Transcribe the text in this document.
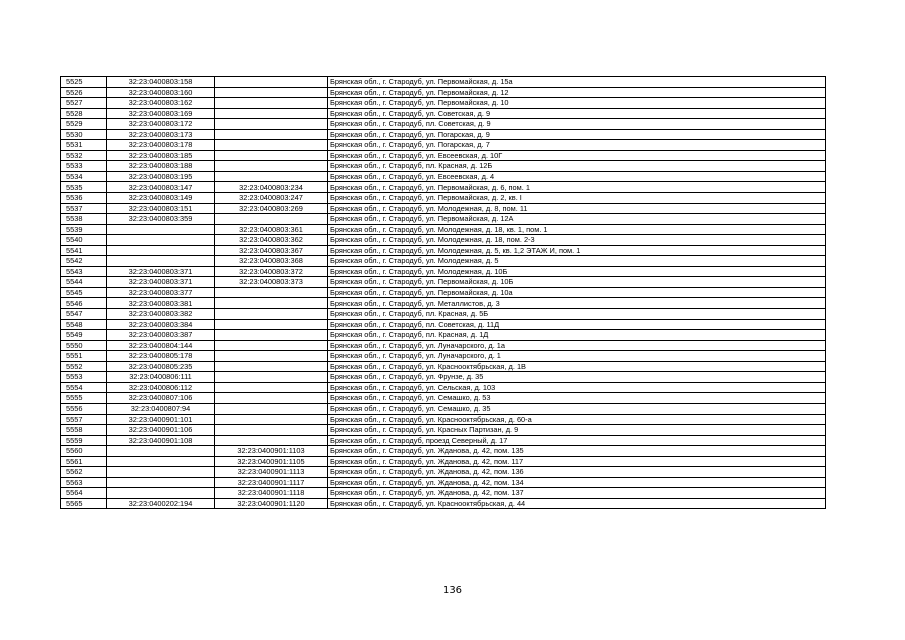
5525	32:23:0400803:158		Брянская обл., г. Стародуб, ул. Первомайская, д. 15а
5526	32:23:0400803:160		Брянская обл., г. Стародуб, ул. Первомайская, д. 12
5527	32:23:0400803:162		Брянская обл., г. Стародуб, ул. Первомайская, д. 10
5528	32:23:0400803:169		Брянская обл., г. Стародуб, ул. Советская, д. 9
5529	32:23:0400803:172		Брянская обл., г. Стародуб, пл. Советская, д. 9
5530	32:23:0400803:173		Брянская обл., г. Стародуб, ул. Погарская, д. 9
5531	32:23:0400803:178		Брянская обл., г. Стародуб, ул. Погарская, д. 7
5532	32:23:0400803:185		Брянская обл., г. Стародуб, ул. Евсеевская, д. 10Г
5533	32:23:0400803:188		Брянская обл., г. Стародуб, пл. Красная, д. 12Б
5534	32:23:0400803:195		Брянская обл., г. Стародуб, ул. Евсеевская, д. 4
5535	32:23:0400803:147	32:23:0400803:234	Брянская обл., г. Стародуб, ул. Первомайская, д. 6, пом. 1
5536	32:23:0400803:149	32:23:0400803:247	Брянская обл., г. Стародуб, ул. Первомайская, д. 2, кв. I
5537	32:23:0400803:151	32:23:0400803:269	Брянская обл., г. Стародуб, ул. Молодежная, д. 8, пом. 11
5538	32:23:0400803:359		Брянская обл., г. Стародуб, ул. Первомайская, д. 12А
5539		32:23:0400803:361	Брянская обл., г. Стародуб, ул. Молодежная, д. 18, кв. 1, пом. 1
5540		32:23:0400803:362	Брянская обл., г. Стародуб, ул. Молодежная, д. 18, пом. 2-3
5541		32:23:0400803:367	Брянская обл., г. Стародуб, ул. Молодежная, д. 5, кв. 1,2 ЭТАЖ И, пом. 1
5542		32:23:0400803:368	Брянская обл., г. Стародуб, ул. Молодежная, д. 5
5543	32:23:0400803:371	32:23:0400803:372	Брянская обл., г. Стародуб, ул. Молодежная, д. 10Б
5544	32:23:0400803:371	32:23:0400803:373	Брянская обл., г. Стародуб, ул. Первомайская, д. 10Б
5545	32:23:0400803:377		Брянская обл., г. Стародуб, ул. Первомайская, д. 10а
5546	32:23:0400803:381		Брянская обл., г. Стародуб, ул. Металлистов, д. 3
5547	32:23:0400803:382		Брянская обл., г. Стародуб, пл. Красная, д. 5Б
5548	32:23:0400803:384		Брянская обл., г. Стародуб, пл. Советская, д. 11Д
5549	32:23:0400803:387		Брянская обл., г. Стародуб, пл. Красная, д. 1Д
5550	32:23:0400804:144		Брянская обл., г. Стародуб, ул. Луначарского, д. 1а
5551	32:23:0400805:178		Брянская обл., г. Стародуб, ул. Луначарского, д. 1
5552	32:23:0400805:235		Брянская обл., г. Стародуб, ул. Краснооктябрьская, д. 1В
5553	32:23:0400806:111		Брянская обл., г. Стародуб, ул. Фрунзе, д. 35
5554	32:23:0400806:112		Брянская обл., г. Стародуб, ул. Сельская, д. 103
5555	32:23:0400807:106		Брянская обл., г. Стародуб, ул. Семашко, д. 53
5556	32:23:0400807:94		Брянская обл., г. Стародуб, ул. Семашко, д. 35
5557	32:23:0400901:101		Брянская обл., г. Стародуб, ул. Краснооктябрьская, д. 60-а
5558	32:23:0400901:106		Брянская обл., г. Стародуб, ул. Красных Партизан, д. 9
5559	32:23:0400901:108		Брянская обл., г. Стародуб, проезд Северный, д. 17
5560		32:23:0400901:1103	Брянская обл., г. Стародуб, ул. Жданова, д. 42, пом. 135
5561		32:23:0400901:1105	Брянская обл., г. Стародуб, ул. Жданова, д. 42, пом. 117
5562		32:23:0400901:1113	Брянская обл., г. Стародуб, ул. Жданова, д. 42, пом. 136
5563		32:23:0400901:1117	Брянская обл., г. Стародуб, ул. Жданова, д. 42, пом. 134
5564		32:23:0400901:1118	Брянская обл., г. Стародуб, ул. Жданова, д. 42, пом. 137
5565	32:23:0400202:194	32:23:0400901:1120	Брянская обл., г. Стародуб, ул. Краснооктябрьская, д. 44
136
